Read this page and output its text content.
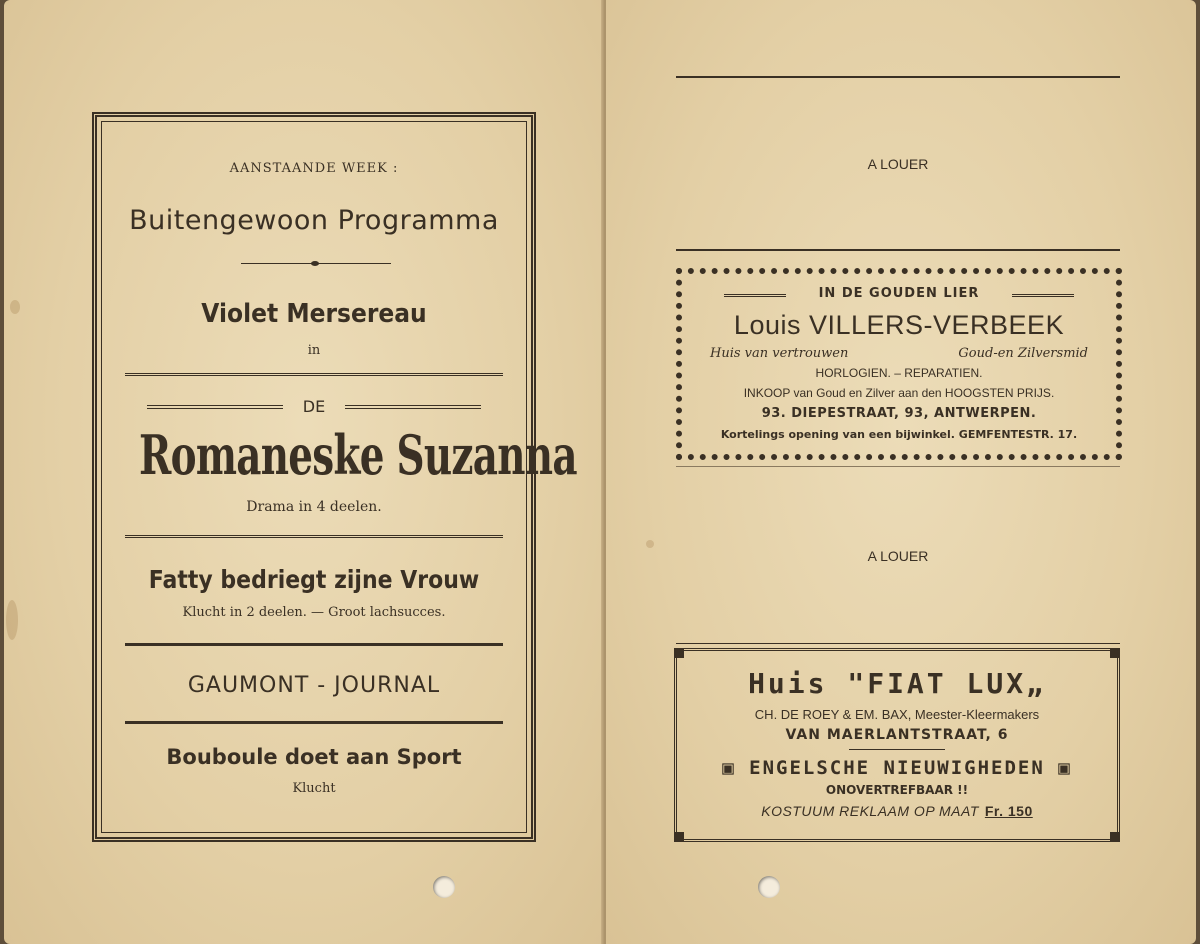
AANSTAANDE WEEK :
Buitengewoon Programma
Violet Mersereau
in
DE
Romaneske Suzanna
Drama in 4 deelen.
Fatty bedriegt zijne Vrouw
Klucht in 2 deelen. — Groot lachsucces.
GAUMONT - JOURNAL
Bouboule doet aan Sport
Klucht
A LOUER
IN DE GOUDEN LIER
Louis VILLERS-VERBEEK
Huis van vertrouwen	Goud-en Zilversmid
HORLOGIEN. – REPARATIEN.
INKOOP van Goud en Zilver aan den HOOGSTEN PRIJS.
93. DIEPESTRAAT, 93, ANTWERPEN.
Kortelings opening van een bijwinkel. GEMFENTESTR. 17.
A LOUER
Huis "FIAT LUX„
CH. DE ROEY & EM. BAX, Meester-Kleermakers
VAN MAERLANTSTRAAT, 6
▣ ENGELSCHE NIEUWIGHEDEN ▣
ONOVERTREFBAAR !!
KOSTUUM REKLAAM OP MAAT Fr. 150
